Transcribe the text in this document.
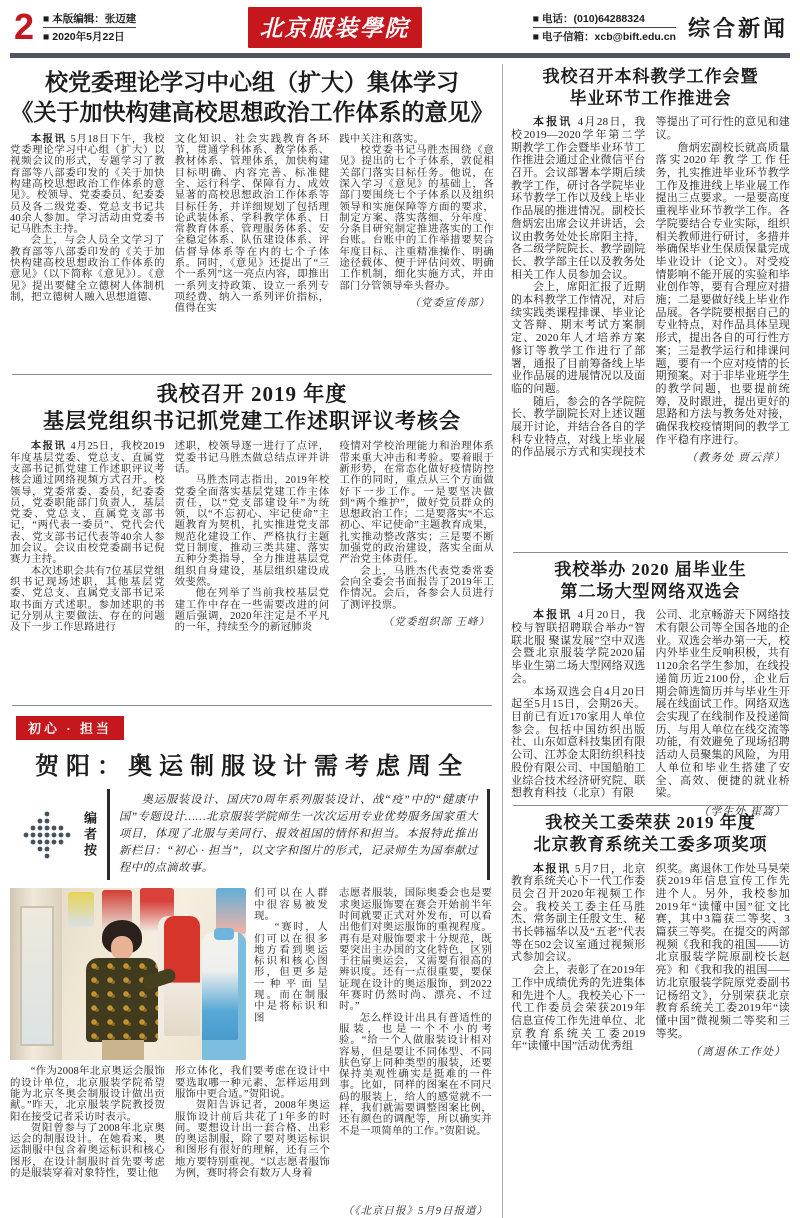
2 ■ 本版编辑：张迈建
■ 2020年5月22日	北京服装學院	■ 电话：(010)64288324
■ 电子信箱：xcb@bift.edu.cn 综合新闻
校党委理论学习中心组（扩大）集体学习
《关于加快构建高校思想政治工作体系的意见》

本报讯 5月18日下午，我校党委理论学习中心组（扩大）以视频会议的形式，专题学习了教育部等八部委印发的《关于加快构建高校思想政治工作体系的意见》。校领导、党委委员、纪委委员及各二级党委、党总支书记共40余人参加。学习活动由党委书记马胜杰主持。

会上，与会人员全文学习了教育部等八部委印发的《关于加快构建高校思想政治工作体系的意见》（以下简称《意见》）。《意见》提出要健全立德树人体制机制，把立德树人融入思想道德、

文化知识、社会实践教育各环节，贯通学科体系、教学体系、教材体系、管理体系，加快构建目标明确、内容完善、标准健全、运行科学、保障有力、成效显著的高校思想政治工作体系等目标任务，并详细规划了包括理论武装体系、学科教学体系、日常教育体系、管理服务体系、安全稳定体系、队伍建设体系、评估督导体系等在内的七个子体系。同时，《意见》还提出了“三个一系列”这一亮点内容，即推出一系列支持政策、设立一系列专项经费、纳入一系列评价指标，值得在实

践中关注和落实。

校党委书记马胜杰围绕《意见》提出的七个子体系，敦促相关部门落实目标任务。他说，在深入学习《意见》的基础上，各部门要围绕七个子体系以及组织领导和实施保障等方面的要求，制定方案、落实落细、分年度、分条目研究制定推进落实的工作台账。台账中的工作举措要契合年度目标、注重精准操作、明确途径载体、便于评估问效、明确工作机制，细化实施方式，并由部门分管领导牵头督办。

（党委宣传部）
我校召开 2019 年度
基层党组织书记抓党建工作述职评议考核会

本报讯 4月25日，我校2019年度基层党委、党总支、直属党支部书记抓党建工作述职评议考核会通过网络视频方式召开。校领导，党委常委、委员，纪委委员，党委职能部门负责人，基层党委、党总支、直属党支部书记，“两代表一委员”、党代会代表、党支部书记代表等40余人参加会议。会议由校党委副书记倪赛力主持。

本次述职会共有7位基层党组织书记现场述职，其他基层党委、党总支、直属党支部书记采取书面方式述职。参加述职的书记分别从主要做法、存在的问题及下一步工作思路进行

述职，校领导逐一进行了点评，党委书记马胜杰做总结点评并讲话。

马胜杰同志指出，2019年校党委全面落实基层党建工作主体责任，以“党支部建设年”为统领，以“不忘初心、牢记使命”主题教育为契机，扎实推进党支部规范化建设工作、严格执行主题党日制度，推动三类共建、落实五种分类指导，全力推进基层党组织自身建设，基层组织建设成效斐然。

他在列举了当前我校基层党建工作中存在一些需要改进的问题后强调，2020年注定是不平凡的一年，持续至今的新冠肺炎

疫情对学校治理能力和治理体系带来重大冲击和考验。要着眼于新形势，在常态化做好疫情防控工作的同时，重点从三个方面做好下一步工作。一是要坚决做到“两个维护”，做好党员群众的思想政治工作；二是要落实“不忘初心、牢记使命”主题教育成果，扎实推动整改落实；三是要不断加强党的政治建设，落实全面从严治党主体责任。

会上，马胜杰代表党委常委会向全委会书面报告了2019年工作情况。会后，各参会人员进行了测评投票。

（党委组织部 王峰）
初心 · 担当
贺阳：奥运制服设计需考虑周全
编者按

奥运服装设计、国庆70周年系列服装设计、战“疫”中的“健康中国”专题设计……北京服装学院师生一次次运用专业优势服务国家重大项目，体现了北服与美同行、报效祖国的情怀和担当。本报特此推出新栏目：“初心 · 担当”，以文字和图片的形式，记录师生为国奉献过程中的点滴故事。

们可以在人群中很容易被发现。

“赛时，人们可以在很多地方看到奥运标识和核心图形，但更多是一种平面呈现。而在制服中是将标识和图

“作为2008年北京奥运会服饰的设计单位，北京服装学院希望能为北京冬奥会制服设计做出贡献。”昨天，北京服装学院教授贺阳在接受记者采访时表示。

贺阳曾参与了2008年北京奥运会的制服设计。在她看来，奥运制服中包含着奥运标识和核心图形，在设计制服时首先要考虑的是服装穿着对象特性，要让他

形立体化，我们要考虑在设计中要选取哪一种元素、怎样运用到服饰中更合适。”贺阳说。

贺阳告诉记者，2008年奥运服饰设计前后共花了1年多的时间。要想设计出一套合格、出彩的奥运制服，除了要对奥运标识和图形有很好的理解，还有三个地方要特别重视。“以志愿者服饰为例，赛时将会有数万人身着

志愿者服装，国际奥委会也是要求奥运服饰要在赛会开始前半年时间就要正式对外发布，可以看出他们对奥运服饰的重视程度。再有是对服饰要求十分规范，既要突出主办国的文化特色，区别于往届奥运会，又需要有很高的辨识度。还有一点很重要，要保证现在设计的奥运服饰，到2022年赛时仍然时尚、漂亮、不过时。”

怎么样设计出具有普适性的服装，也是一个不小的考验。“给一个人做服装设计相对容易，但是要让不同体型、不同肤色穿上同种类型的服装，还要保持美观性确实是挺难的一件事。比如，同样的图案在不同尺码的服装上，给人的感觉就不一样，我们就需要调整图案比例，还有颜色的调配等，所以确实并不是一项简单的工作。”贺阳说。

（《北京日报》5月9日报道）
我校召开本科教学工作会暨
毕业环节工作推进会

本报讯 4月28日，我校2019—2020学年第二学期教学工作会暨毕业环节工作推进会通过企业微信平台召开。会议部署本学期后续教学工作，研讨各学院毕业环节教学工作以及线上毕业作品展的推进情况。副校长詹炳宏出席会议并讲话，会议由教务处处长席阳主持，各二级学院院长、教学副院长、教学部主任以及教务处相关工作人员参加会议。

会上，席阳汇报了近期的本科教学工作情况，对后续实践类课程排课、毕业论文答辩、期末考试方案制定、2020年人才培养方案修订等教学工作进行了部署，通报了目前筹备线上毕业作品展的进展情况以及面临的问题。

随后，参会的各学院院长、教学副院长对上述议题展开讨论，并结合各自的学科专业特点，对线上毕业展的作品展示方式和实现技术

等提出了可行性的意见和建议。

詹炳宏副校长就高质量落实2020年教学工作任务，扎实推进毕业环节教学工作及推进线上毕业展工作提出三点要求。一是要高度重视毕业环节教学工作。各学院要结合专业实际，组织相关教师进行研讨，多措并举确保毕业生保质保量完成毕业设计（论文）。对受疫情影响不能开展的实验和毕业创作等，要有合理应对措施；二是要做好线上毕业作品展。各学院要根据自己的专业特点，对作品具体呈现形式，提出各自的可行性方案；三是教学运行和排课问题，要有一个应对疫情的长期预案。对于非毕业班学生的教学问题，也要提前统筹，及时跟进，提出更好的思路和方法与教务处对接，确保我校疫情期间的教学工作平稳有序进行。

（教务处 贾云萍）
我校举办 2020 届毕业生
第二场大型网络双选会

本报讯 4月20日，我校与智联招聘联合举办“智联北服 聚谋发展”空中双选会暨北京服装学院2020届毕业生第二场大型网络双选会。

本场双选会自4月20日起至5月15日，会期26天。目前已有近170家用人单位参会。包括中国纺织出版社、山东如意科技集团有限公司、江苏金太阳纺织科技股份有限公司、中国船舶工业综合技术经济研究院、联想教育科技（北京）有限

公司、北京畅游天下网络技术有限公司等全国各地的企业。双选会举办第一天，校内外毕业生反响积极，共有1120余名学生参加，在线投递简历近2100份，企业后期会筛选简历并与毕业生开展在线面试工作。网络双选会实现了在线制作及投递简历、与用人单位在线交流等功能，有效避免了现场招聘活动人员聚集的风险，为用人单位和毕业生搭建了安全、高效、便捷的就业桥梁。

（学生处 崔嵩）
我校关工委荣获 2019 年度
北京教育系统关工委多项奖项

本报讯 5月7日，北京教育系统关心下一代工作委员会召开2020年视频工作会。我校关工委主任马胜杰、常务副主任殷文生、秘书长韩福华以及“五老”代表等在502会议室通过视频形式参加会议。

会上，表彰了在2019年工作中成绩优秀的先进集体和先进个人。我校关心下一代工作委员会荣获2019年信息宣传工作先进单位、北京教育系统关工委2019年“读懂中国”活动优秀组

织奖。离退休工作处马昊荣获2019年信息宣传工作先进个人。另外，我校参加2019年“读懂中国”征文比赛，其中3篇获二等奖、3篇获三等奖。在提交的两部视频《我和我的祖国——访北京服装学院原副校长赵亮》和《我和我的祖国——访北京服装学院原党委副书记杨绍文》，分别荣获北京教育系统关工委2019年“读懂中国”微视频二等奖和三等奖。

（离退休工作处）
